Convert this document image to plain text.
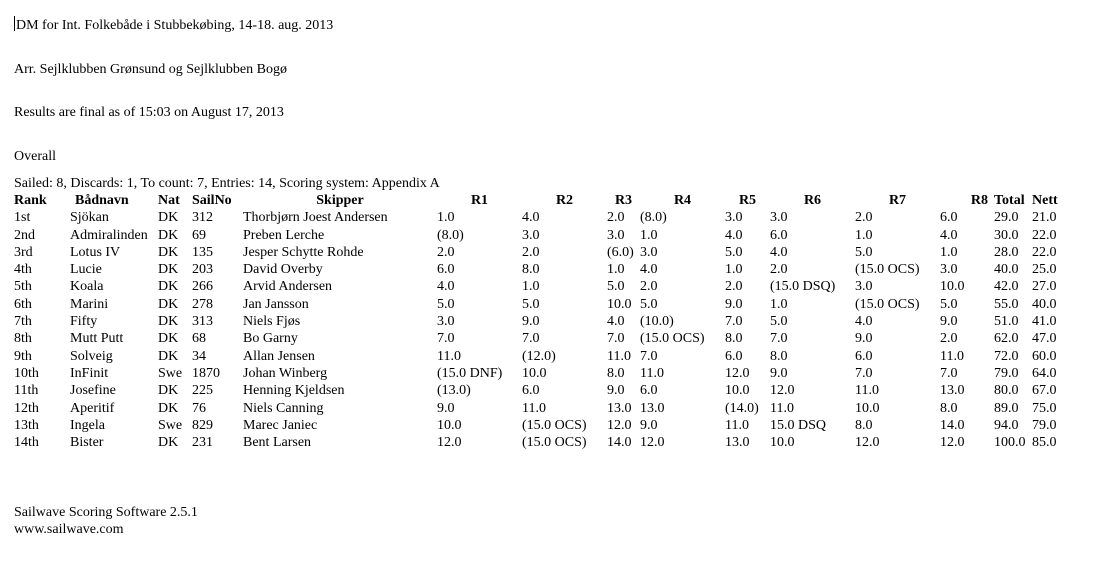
DM for Int. Folkebåde i Stubbekøbing, 14-18. aug. 2013
Arr. Sejlklubben Grønsund og Sejlklubben Bogø
Results are final as of 15:03 on August 17, 2013
Overall
Sailed: 8, Discards: 1, To count: 7, Entries: 14, Scoring system: Appendix A
Rank	Bådnavn	Nat	SailNo	Skipper	R1	R2	R3	R4	R5	R6	R7	R8	Total	Nett
1st	Sjökan	DK	312	Thorbjørn Joest Andersen	1.0	4.0	2.0	(8.0)	3.0	3.0	2.0	6.0	29.0	21.0
2nd	Admiralinden	DK	69	Preben Lerche	(8.0)	3.0	3.0	1.0	4.0	6.0	1.0	4.0	30.0	22.0
3rd	Lotus IV	DK	135	Jesper Schytte Rohde	2.0	2.0	(6.0)	3.0	5.0	4.0	5.0	1.0	28.0	22.0
4th	Lucie	DK	203	David Overby	6.0	8.0	1.0	4.0	1.0	2.0	(15.0 OCS)	3.0	40.0	25.0
5th	Koala	DK	266	Arvid Andersen	4.0	1.0	5.0	2.0	2.0	(15.0 DSQ)	3.0	10.0	42.0	27.0
6th	Marini	DK	278	Jan Jansson	5.0	5.0	10.0	5.0	9.0	1.0	(15.0 OCS)	5.0	55.0	40.0
7th	Fifty	DK	313	Niels Fjøs	3.0	9.0	4.0	(10.0)	7.0	5.0	4.0	9.0	51.0	41.0
8th	Mutt Putt	DK	68	Bo Garny	7.0	7.0	7.0	(15.0 OCS)	8.0	7.0	9.0	2.0	62.0	47.0
9th	Solveig	DK	34	Allan Jensen	11.0	(12.0)	11.0	7.0	6.0	8.0	6.0	11.0	72.0	60.0
10th	InFinit	Swe	1870	Johan Winberg	(15.0 DNF)	10.0	8.0	11.0	12.0	9.0	7.0	7.0	79.0	64.0
11th	Josefine	DK	225	Henning Kjeldsen	(13.0)	6.0	9.0	6.0	10.0	12.0	11.0	13.0	80.0	67.0
12th	Aperitif	DK	76	Niels Canning	9.0	11.0	13.0	13.0	(14.0)	11.0	10.0	8.0	89.0	75.0
13th	Ingela	Swe	829	Marec Janiec	10.0	(15.0 OCS)	12.0	9.0	11.0	15.0 DSQ	8.0	14.0	94.0	79.0
14th	Bister	DK	231	Bent Larsen	12.0	(15.0 OCS)	14.0	12.0	13.0	10.0	12.0	12.0	100.0	85.0
Sailwave Scoring Software 2.5.1
www.sailwave.com
